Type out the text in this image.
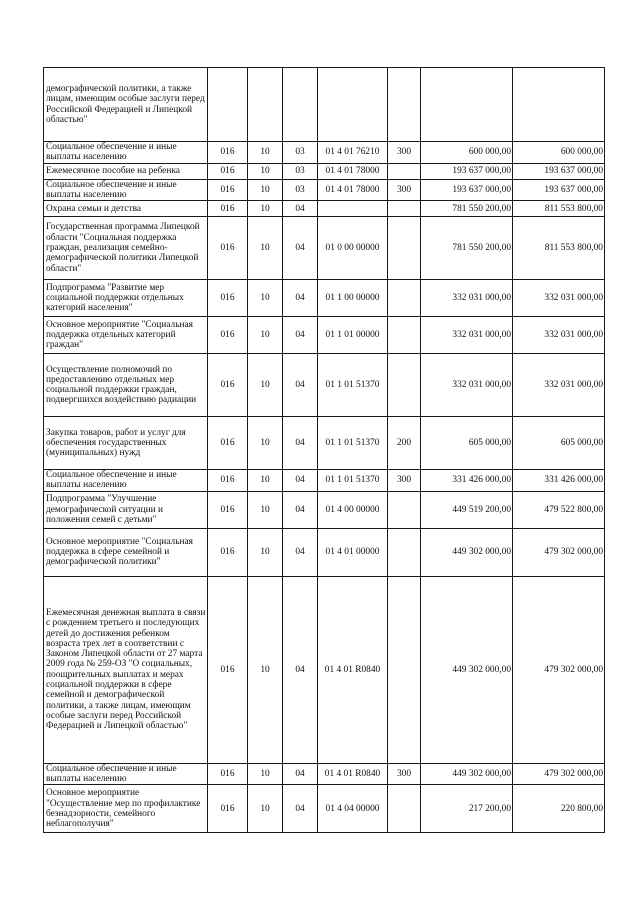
демографической политики, а также лицам, имеющим особые заслуги перед Российской Федерацией и Липецкой областью"							
Социальное обеспечение и иные выплаты населению	016	10	03	01 4 01 76210	300	600 000,00	600 000,00
Ежемесячное пособие на ребенка	016	10	03	01 4 01 78000		193 637 000,00	193 637 000,00
Социальное обеспечение и иные выплаты населению	016	10	03	01 4 01 78000	300	193 637 000,00	193 637 000,00
Охрана семьи и детства	016	10	04			781 550 200,00	811 553 800,00
Государственная программа Липецкой области "Социальная поддержка граждан, реализация семейно-демографической политики Липецкой области"	016	10	04	01 0 00 00000		781 550 200,00	811 553 800,00
Подпрограмма "Развитие мер социальной поддержки отдельных категорий населения"	016	10	04	01 1 00 00000		332 031 000,00	332 031 000,00
Основное мероприятие "Социальная поддержка отдельных категорий граждан"	016	10	04	01 1 01 00000		332 031 000,00	332 031 000,00
Осуществление полномочий по предоставлению отдельных мер социальной поддержки граждан, подвергшихся воздействию радиации	016	10	04	01 1 01 51370		332 031 000,00	332 031 000,00
Закупка товаров, работ и услуг для обеспечения государственных (муниципальных) нужд	016	10	04	01 1 01 51370	200	605 000,00	605 000,00
Социальное обеспечение и иные выплаты населению	016	10	04	01 1 01 51370	300	331 426 000,00	331 426 000,00
Подпрограмма "Улучшение демографической ситуации и положения семей с детьми"	016	10	04	01 4 00 00000		449 519 200,00	479 522 800,00
Основное мероприятие "Социальная поддержка в сфере семейной и демографической политики"	016	10	04	01 4 01 00000		449 302 000,00	479 302 000,00
Ежемесячная денежная выплата в связи с рождением третьего и последующих детей до достижения ребенком возраста трех лет в соответствии с Законом Липецкой области от 27 марта 2009 года № 259-ОЗ "О социальных, поощрительных выплатах и мерах социальной поддержки в сфере семейной и демографической политики, а также лицам, имеющим особые заслуги перед Российской Федерацией и Липецкой областью"	016	10	04	01 4 01 R0840		449 302 000,00	479 302 000,00
Социальное обеспечение и иные выплаты населению	016	10	04	01 4 01 R0840	300	449 302 000,00	479 302 000,00
Основное мероприятие "Осуществление мер по профилактике безнадзорности, семейного неблагополучия"	016	10	04	01 4 04 00000		217 200,00	220 800,00
